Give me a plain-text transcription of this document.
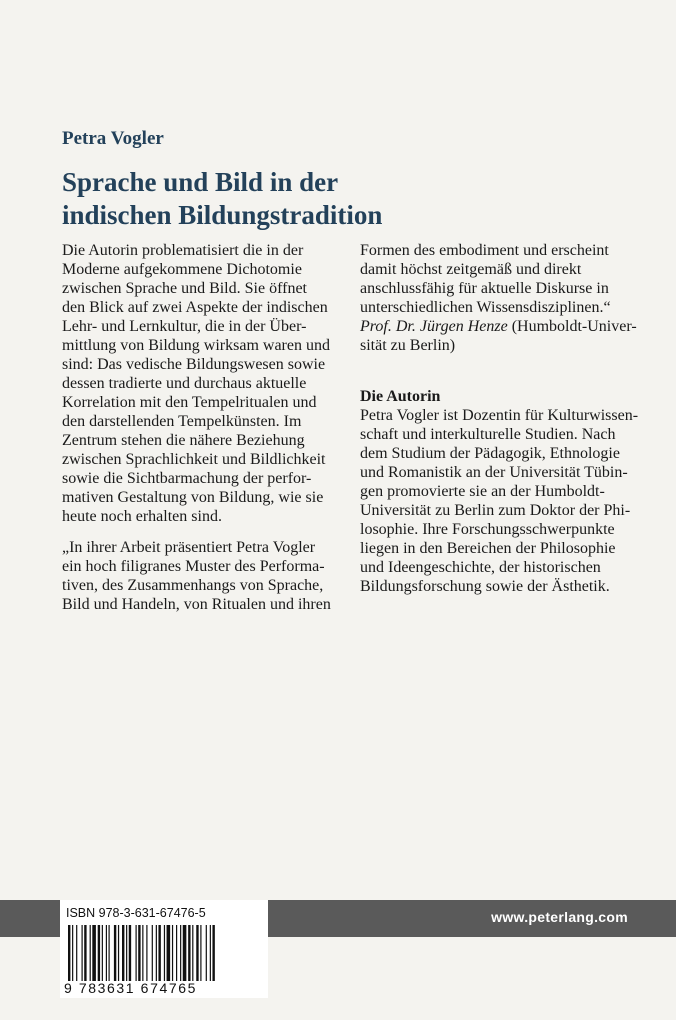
Petra Vogler
Sprache und Bild in der
indischen Bildungstradition
Die Autorin problematisiert die in der
Moderne aufgekommene Dichotomie
zwischen Sprache und Bild. Sie öffnet
den Blick auf zwei Aspekte der indischen
Lehr- und Lernkultur, die in der Über-
mittlung von Bildung wirksam waren und
sind: Das vedische Bildungswesen sowie
dessen tradierte und durchaus aktuelle
Korrelation mit den Tempelritualen und
den darstellenden Tempelkünsten. Im
Zentrum stehen die nähere Beziehung
zwischen Sprachlichkeit und Bildlichkeit
sowie die Sichtbarmachung der perfor-
mativen Gestaltung von Bildung, wie sie
heute noch erhalten sind.
„In ihrer Arbeit präsentiert Petra Vogler
ein hoch filigranes Muster des Performa-
tiven, des Zusammenhangs von Sprache,
Bild und Handeln, von Ritualen und ihren
Formen des embodiment und erscheint
damit höchst zeitgemäß und direkt
anschlussfähig für aktuelle Diskurse in
unterschiedlichen Wissensdisziplinen.“
Prof. Dr. Jürgen Henze (Humboldt-Univer-
sität zu Berlin)
Die Autorin
Petra Vogler ist Dozentin für Kulturwissen-
schaft und interkulturelle Studien. Nach
dem Studium der Pädagogik, Ethnologie
und Romanistik an der Universität Tübin-
gen promovierte sie an der Humboldt-
Universität zu Berlin zum Doktor der Phi-
losophie. Ihre Forschungsschwerpunkte
liegen in den Bereichen der Philosophie
und Ideengeschichte, der historischen
Bildungsforschung sowie der Ästhetik.
www.peterlang.com
ISBN 978-3-631-67476-5
9 783631 674765
